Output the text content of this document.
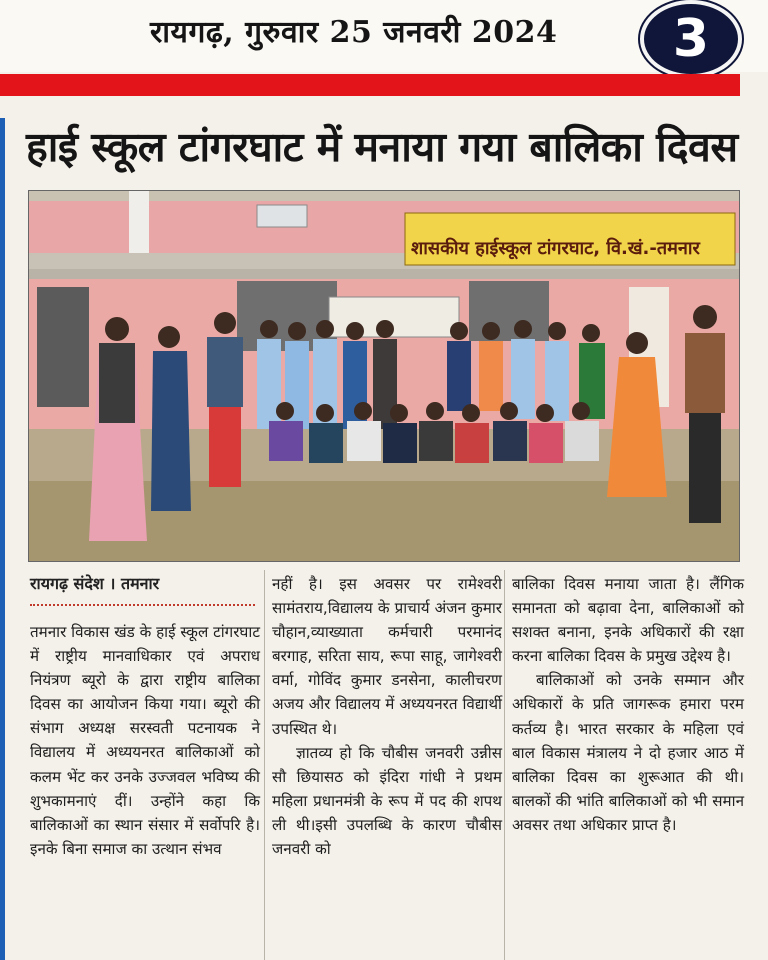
रायगढ़, गुरुवार 25 जनवरी 2024	3
हाई स्कूल टांगरघाट में मनाया गया बालिका दिवस

शासकीय हाईस्कूल टांगरघाट, वि.खं.-तमनार
रायगढ़ संदेश । तमनार

तमनार विकास खंड के हाई स्कूल टांगरघाट में राष्ट्रीय मानवाधिकार एवं अपराध नियंत्रण ब्यूरो के द्वारा राष्ट्रीय बालिका दिवस का आयोजन किया गया। ब्यूरो की संभाग अध्यक्ष सरस्वती पटनायक ने विद्यालय में अध्ययनरत बालिकाओं को कलम भेंट कर उनके उज्जवल भविष्य की शुभकामनाएं दीं। उन्होंने कहा कि बालिकाओं का स्थान संसार में सर्वोपरि है। इनके बिना समाज का उत्थान संभव

नहीं है। इस अवसर पर रामेश्वरी सामंतराय,विद्यालय के प्राचार्य अंजन कुमार चौहान,व्याख्याता कर्मचारी परमानंद बरगाह, सरिता साय, रूपा साहू, जागेश्वरी वर्मा, गोविंद कुमार डनसेना, कालीचरण अजय और विद्यालय में अध्ययनरत विद्यार्थी उपस्थित थे।

ज्ञातव्य हो कि चौबीस जनवरी उन्नीस सौ छियासठ को इंदिरा गांधी ने प्रथम महिला प्रधानमंत्री के रूप में पद की शपथ ली थी।इसी उपलब्धि के कारण चौबीस जनवरी को

बालिका दिवस मनाया जाता है। लैंगिक समानता को बढ़ावा देना, बालिकाओं को सशक्त बनाना, इनके अधिकारों की रक्षा करना बालिका दिवस के प्रमुख उद्देश्य है।

बालिकाओं को उनके सम्मान और अधिकारों के प्रति जागरूक हमारा परम कर्तव्य है। भारत सरकार के महिला एवं बाल विकास मंत्रालय ने दो हजार आठ में बालिका दिवस का शुरूआत की थी। बालकों की भांति बालिकाओं को भी समान अवसर तथा अधिकार प्राप्त है।
